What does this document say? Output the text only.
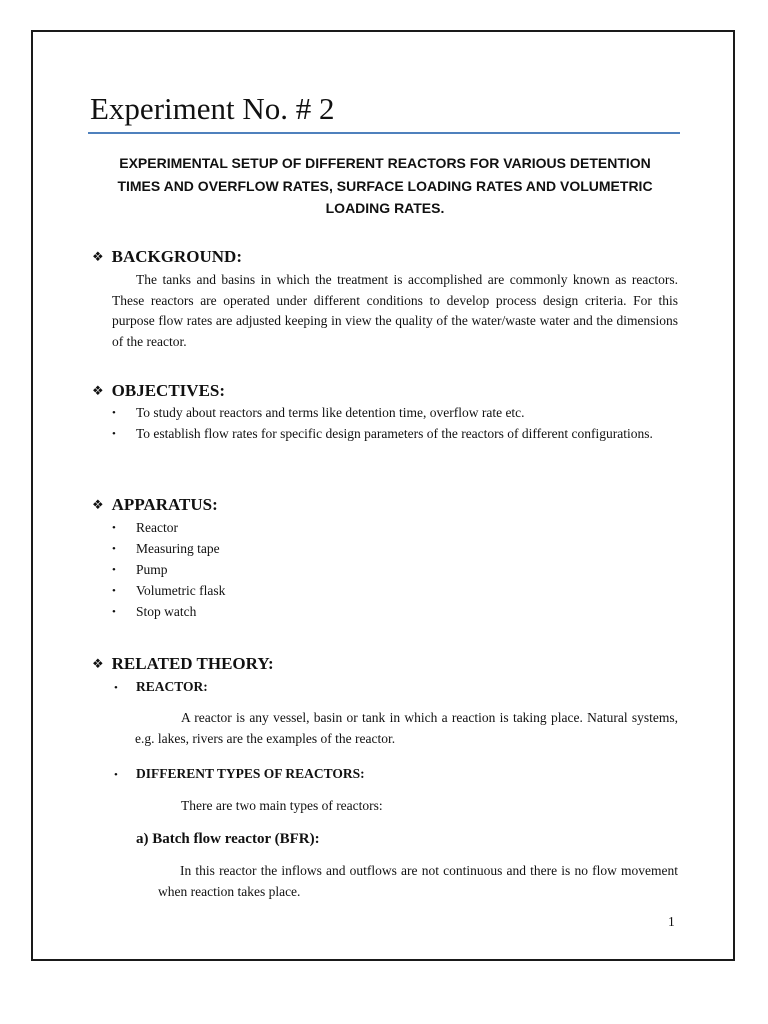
Experiment No. # 2

EXPERIMENTAL SETUP OF DIFFERENT REACTORS FOR VARIOUS DETENTION TIMES AND OVERFLOW RATES, SURFACE LOADING RATES AND VOLUMETRIC LOADING RATES.

❖ BACKGROUND:

The tanks and basins in which the treatment is accomplished are commonly known as reactors. These reactors are operated under different conditions to develop process design criteria. For this purpose flow rates are adjusted keeping in view the quality of the water/waste water and the dimensions of the reactor.

❖ OBJECTIVES:
• To study about reactors and terms like detention time, overflow rate etc.
• To establish flow rates for specific design parameters of the reactors of different configurations.
❖ APPARATUS:
• Reactor
• Measuring tape
• Pump
• Volumetric flask
• Stop watch
❖ RELATED THEORY:

• REACTOR:

A reactor is any vessel, basin or tank in which a reaction is taking place. Natural systems, e.g. lakes, rivers are the examples of the reactor.

• DIFFERENT TYPES OF REACTORS:

There are two main types of reactors:

a) Batch flow reactor (BFR):

In this reactor the inflows and outflows are not continuous and there is no flow movement when reaction takes place.

1
